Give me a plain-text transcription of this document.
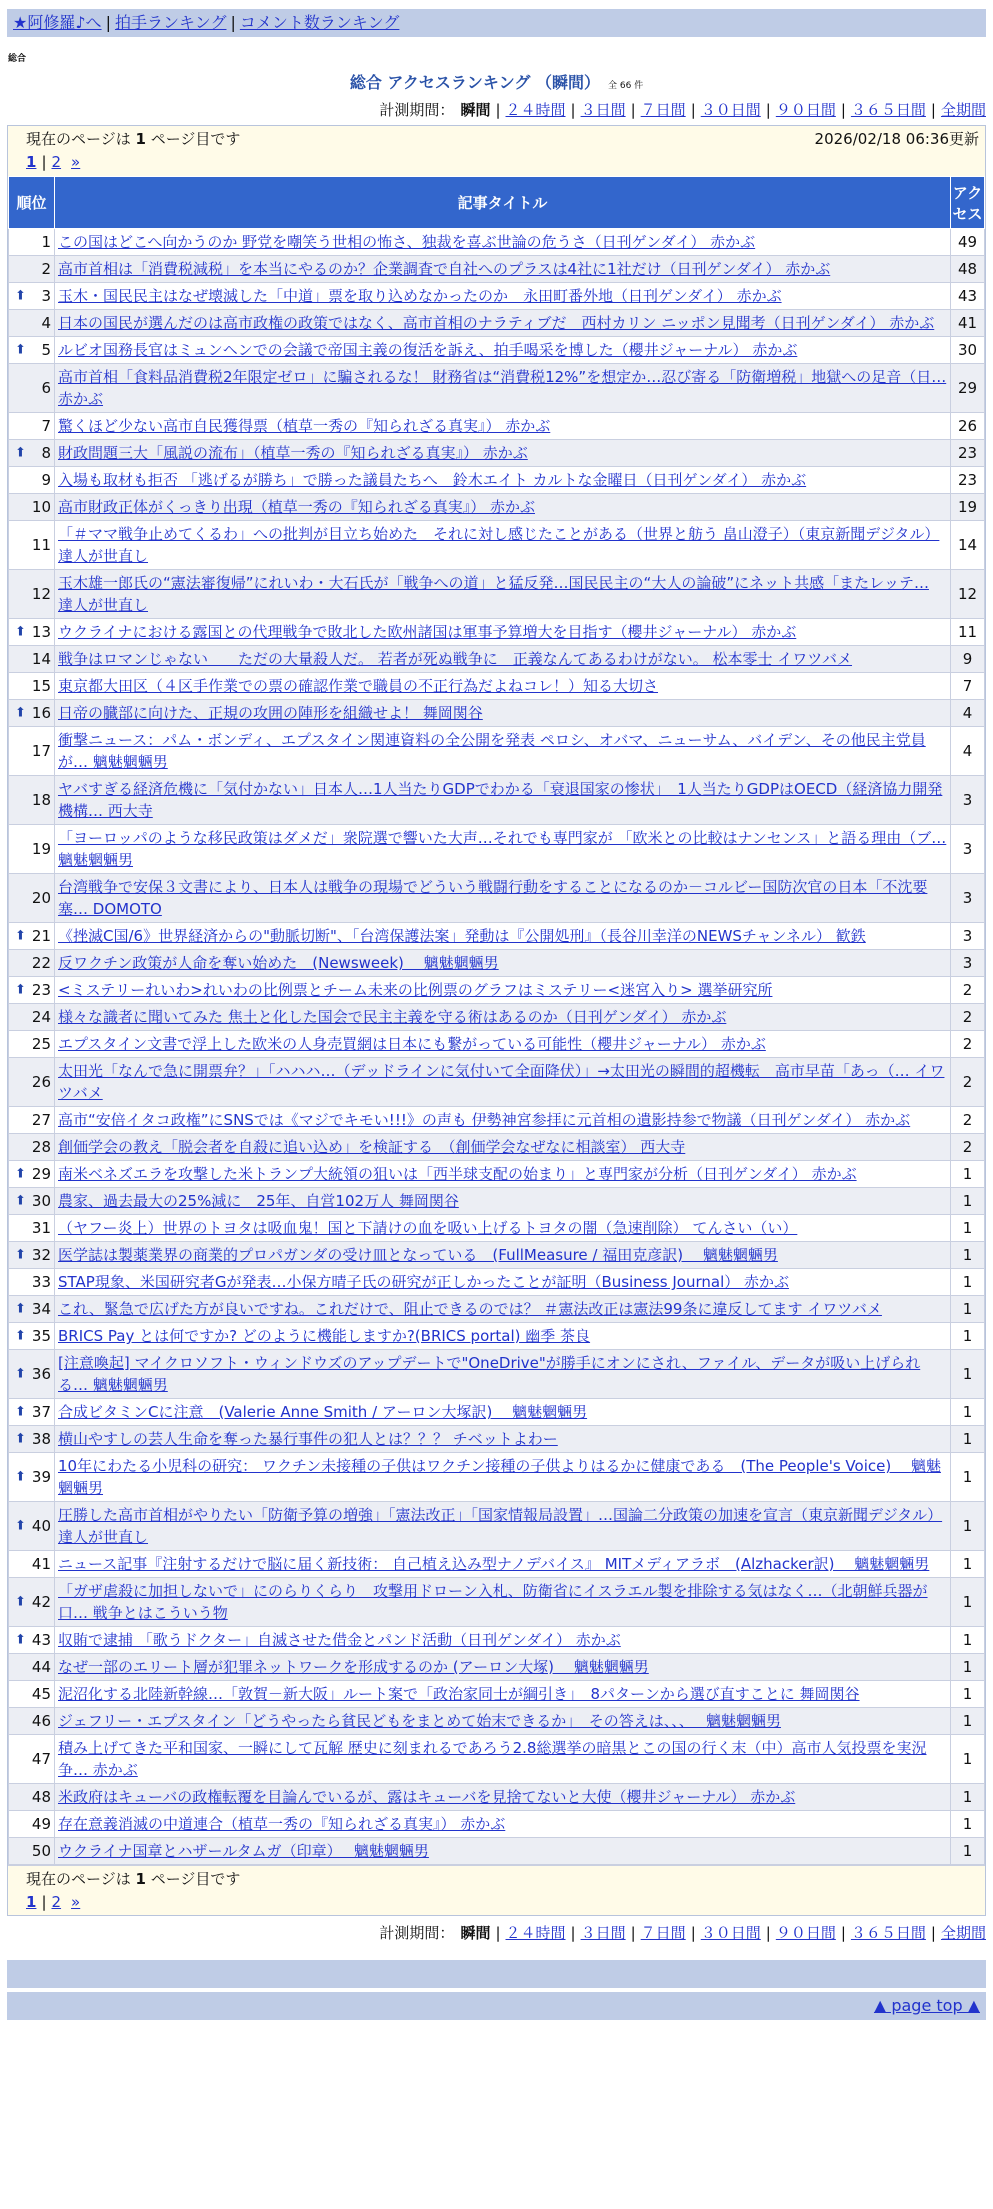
★阿修羅♪へ | 拍手ランキング | コメント数ランキング
総合
総合 アクセスランキング （瞬間） 全 66 件
計測期間： 瞬間 | ２４時間 | ３日間 | ７日間 | ３０日間 | ９０日間 | ３６５日間 | 全期間
現在のページは 1 ページ目です	2026/02/18 06:36更新
1 | 2 »
順位	記事タイトル	アクセス
1	この国はどこへ向かうのか 野党を嘲笑う世相の怖さ、独裁を喜ぶ世論の危うさ（日刊ゲンダイ） 赤かぶ	49
2	高市首相は「消費税減税」を本当にやるのか？企業調査で自社へのプラスは4社に1社だけ（日刊ゲンダイ） 赤かぶ	48

⬆ 3	玉木・国民民主はなぜ壊滅した「中道」票を取り込めなかったのか　永田町番外地（日刊ゲンダイ） 赤かぶ	43
4	日本の国民が選んだのは高市政権の政策ではなく、高市首相のナラティブだ　西村カリン ニッポン見聞考（日刊ゲンダイ） 赤かぶ	41

⬆ 5	ルビオ国務長官はミュンヘンでの会議で帝国主義の復活を訴え、拍手喝采を博した（櫻井ジャーナル） 赤かぶ	30
6	高市首相「食料品消費税2年限定ゼロ」に騙されるな！ 財務省は“消費税12%”を想定か…忍び寄る「防衛増税」地獄への足音（日… 赤かぶ	29
7	驚くほど少ない高市自民獲得票（植草一秀の『知られざる真実』） 赤かぶ	26

⬆ 8	財政問題三大「風説の流布」（植草一秀の『知られざる真実』） 赤かぶ	23
9	入場も取材も拒否 「逃げるが勝ち」で勝った議員たちへ　鈴木エイト カルトな金曜日（日刊ゲンダイ） 赤かぶ	23
10	高市財政正体がくっきり出現（植草一秀の『知られざる真実』） 赤かぶ	19
11	「＃ママ戦争止めてくるわ」への批判が目立ち始めた　それに対し感じたことがある（世界と舫う 畠山澄子）（東京新聞デジタル） 達人が世直し	14
12	玉木雄一郎氏の“憲法審復帰”にれいわ・大石氏が「戦争への道」と猛反発…国民民主の“大人の論破”にネット共感「またレッテ… 達人が世直し	12

⬆ 13	ウクライナにおける露国との代理戦争で敗北した欧州諸国は軍事予算増大を目指す（櫻井ジャーナル） 赤かぶ	11
14	戦争はロマンじゃない　　ただの大量殺人だ。 若者が死ぬ戦争に　正義なんてあるわけがない。 松本零士 イワツバメ	9
15	東京都大田区（４区手作業での票の確認作業で職員の不正行為だよねコレ！）知る大切さ	7

⬆ 16	日帝の臓部に向けた、正規の攻囲の陣形を組織せよ！ 舞岡関谷	4
17	衝撃ニュース：パム・ボンディ、エプスタイン関連資料の全公開を発表 ペロシ、オバマ、ニューサム、バイデン、その他民主党員が… 魑魅魍魎男	4
18	ヤバすぎる経済危機に「気付かない」日本人…1人当たりGDPでわかる「衰退国家の惨状」　1人当たりGDPはOECD（経済協力開発機構… 西大寺	3
19	「ヨーロッパのような移民政策はダメだ」衆院選で響いた大声…それでも専門家が 「欧米との比較はナンセンス」と語る理由（ブ… 魑魅魍魎男	3
20	台湾戦争で安保３文書により、日本人は戦争の現場でどういう戦闘行動をすることになるのか－コルビー国防次官の日本「不沈要塞… DOMOTO	3

⬆ 21	《挫滅C国/6》世界経済からの"動脈切断"、「台湾保護法案」発動は『公開処刑』（長谷川幸洋のNEWSチャンネル） 歓鉄	3
22	反ワクチン政策が人命を奪い始めた　(Newsweek)　 魑魅魍魎男	3

⬆ 23	<ミステリーれいわ>れいわの比例票とチーム未来の比例票のグラフはミステリー<迷宮入り> 選挙研究所	2
24	様々な識者に聞いてみた 焦土と化した国会で民主主義を守る術はあるのか（日刊ゲンダイ） 赤かぶ	2
25	エプスタイン文書で浮上した欧米の人身売買網は日本にも繋がっている可能性（櫻井ジャーナル） 赤かぶ	2
26	太田光「なんで急に開票弁？」「ハハハ…（デッドラインに気付いて全面降伏）」→太田光の瞬間的超機転　高市早苗「あっ（… イワツバメ	2
27	高市“安倍イタコ政権”にSNSでは《マジでキモい!!!》の声も 伊勢神宮参拝に元首相の遺影持参で物議（日刊ゲンダイ） 赤かぶ	2
28	創価学会の教え「脱会者を自殺に追い込め」を検証する　（創価学会なぜなに相談室） 西大寺	2

⬆ 29	南米ベネズエラを攻撃した米トランプ大統領の狙いは「西半球支配の始まり」と専門家が分析（日刊ゲンダイ） 赤かぶ	1

⬆ 30	農家、過去最大の25%減に　25年、自営102万人 舞岡関谷	1
31	（ヤフー炎上）世界のトヨタは吸血鬼！国と下請けの血を吸い上げるトヨタの闇（急速削除） てんさい（い）	1

⬆ 32	医学誌は製薬業界の商業的プロパガンダの受け皿となっている　(FullMeasure / 福田克彦訳)　 魑魅魍魎男	1
33	STAP現象、米国研究者Gが発表…小保方晴子氏の研究が正しかったことが証明（Business Journal） 赤かぶ	1

⬆ 34	これ、緊急で広げた方が良いですね。これだけで、阻止できるのでは？ ＃憲法改正は憲法99条に違反してます イワツバメ	1

⬆ 35	BRICS Pay とは何ですか? どのように機能しますか?(BRICS portal) 幽季 茶良	1

⬆ 36	[注意喚起] マイクロソフト・ウィンドウズのアップデートで"OneDrive"が勝手にオンにされ、ファイル、データが吸い上げられる… 魑魅魍魎男	1

⬆ 37	合成ビタミンCに注意　(Valerie Anne Smith / アーロン大塚訳)　 魑魅魍魎男	1

⬆ 38	横山やすしの芸人生命を奪った暴行事件の犯人とは？？？ チベットよわー	1

⬆ 39	10年にわたる小児科の研究： ワクチン未接種の子供はワクチン接種の子供よりはるかに健康である　(The People's Voice)　 魑魅魍魎男	1

⬆ 40	圧勝した高市首相がやりたい「防衛予算の増強」「憲法改正」「国家情報局設置」…国論二分政策の加速を宣言（東京新聞デジタル） 達人が世直し	1
41	ニュース記事『注射するだけで脳に届く新技術： 自己植え込み型ナノデバイス』 MITメディアラボ　(Alzhacker訳)　 魑魅魍魎男	1

⬆ 42	「ガザ虐殺に加担しないで」にのらりくらり　攻撃用ドローン入札、防衛省にイスラエル製を排除する気はなく…（北朝鮮兵器が口… 戦争とはこういう物	1

⬆ 43	収賄で逮捕 「歌うドクター」自滅させた借金とパンド活動（日刊ゲンダイ） 赤かぶ	1
44	なぜ一部のエリート層が犯罪ネットワークを形成するのか (アーロン大塚)　 魑魅魍魎男	1
45	泥沼化する北陸新幹線…「敦賀－新大阪」ルート案で「政治家同士が綱引き」　8パターンから選び直すことに 舞岡関谷	1
46	ジェフリー・エプスタイン「どうやったら貧民どもをまとめて始末できるか」　その答えは、、、　 魑魅魍魎男	1
47	積み上げてきた平和国家、一瞬にして瓦解 歴史に刻まれるであろう2.8総選挙の暗黒とこの国の行く末（中）高市人気投票を実況争… 赤かぶ	1
48	米政府はキューバの政権転覆を目論んでいるが、露はキューバを見捨てないと大使（櫻井ジャーナル） 赤かぶ	1
49	存在意義消滅の中道連合（植草一秀の『知られざる真実』） 赤かぶ	1
50	ウクライナ国章とハザールタムガ（印章）　 魑魅魍魎男	1
現在のページは 1 ページ目です
1 | 2 »
計測期間： 瞬間 | ２４時間 | ３日間 | ７日間 | ３０日間 | ９０日間 | ３６５日間 | 全期間
▲ page top ▲
